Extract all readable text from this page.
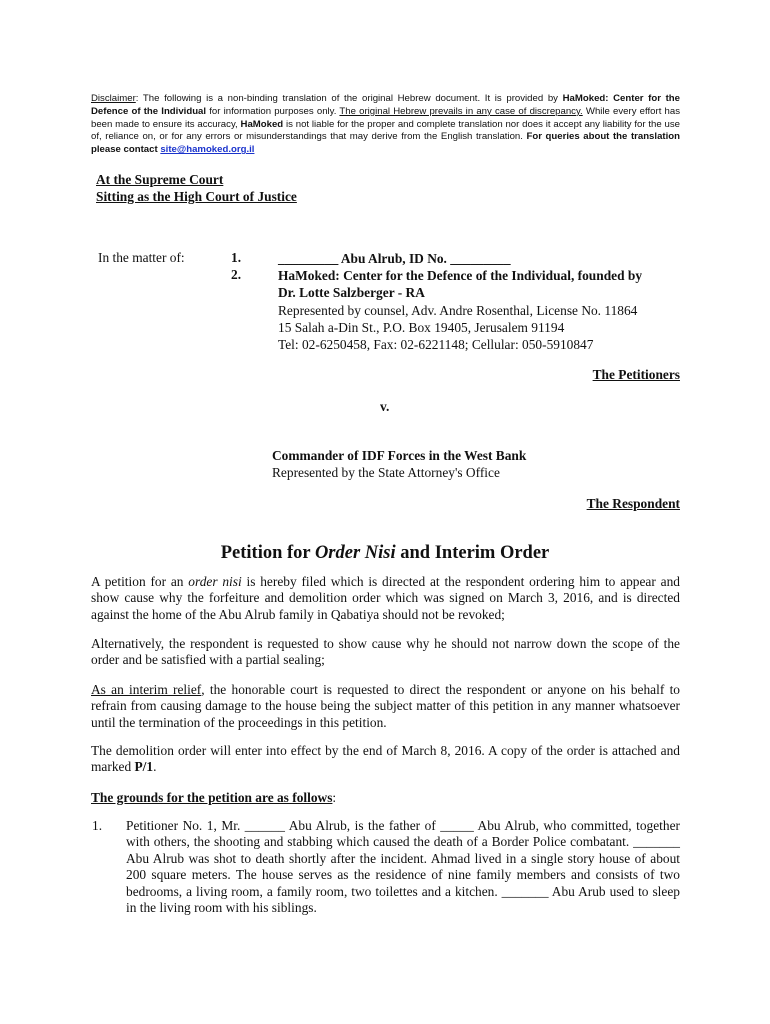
Disclaimer: The following is a non-binding translation of the original Hebrew document. It is provided by HaMoked: Center for the Defence of the Individual for information purposes only. The original Hebrew prevails in any case of discrepancy. While every effort has been made to ensure its accuracy, HaMoked is not liable for the proper and complete translation nor does it accept any liability for the use of, reliance on, or for any errors or misunderstandings that may derive from the English translation. For queries about the translation please contact site@hamoked.org.il
At the Supreme Court
Sitting as the High Court of Justice
In the matter of:	1.
2.
_________ Abu Alrub, ID No. _________
HaMoked: Center for the Defence of the Individual, founded by
Dr. Lotte Salzberger - RA
Represented by counsel, Adv. Andre Rosenthal, License No. 11864
15 Salah a-Din St., P.O. Box 19405, Jerusalem 91194
Tel: 02-6250458, Fax: 02-6221148; Cellular: 050-5910847
The Petitioners
v.
Commander of IDF Forces in the West Bank
Represented by the State Attorney's Office
The Respondent
Petition for Order Nisi and Interim Order
A petition for an order nisi is hereby filed which is directed at the respondent ordering him to appear and show cause why the forfeiture and demolition order which was signed on March 3, 2016, and is directed against the home of the Abu Alrub family in Qabatiya should not be revoked;
Alternatively, the respondent is requested to show cause why he should not narrow down the scope of the order and be satisfied with a partial sealing;
As an interim relief, the honorable court is requested to direct the respondent or anyone on his behalf to refrain from causing damage to the house being the subject matter of this petition in any manner whatsoever until the termination of the proceedings in this petition.
The demolition order will enter into effect by the end of March 8, 2016. A copy of the order is attached and marked P/1.
The grounds for the petition are as follows:
1. Petitioner No. 1, Mr. ______ Abu Alrub, is the father of _____ Abu Alrub, who committed, together with others, the shooting and stabbing which caused the death of a Border Police combatant. _______ Abu Alrub was shot to death shortly after the incident. Ahmad lived in a single story house of about 200 square meters. The house serves as the residence of nine family members and consists of two bedrooms, a living room, a family room, two toilettes and a kitchen. _______ Abu Arub used to sleep in the living room with his siblings.
